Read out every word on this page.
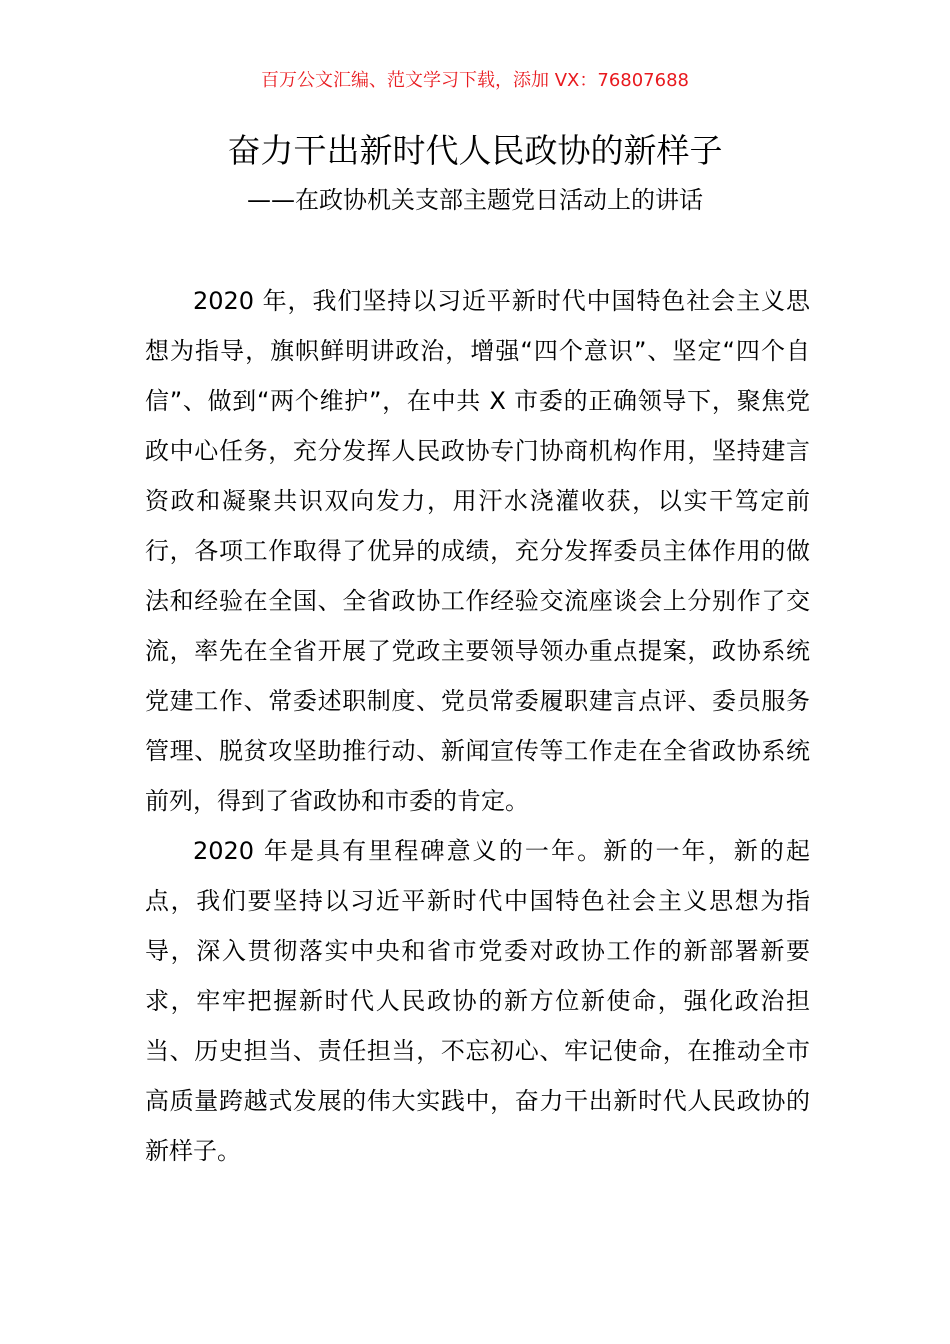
百万公文汇编、范文学习下载，添加 VX：76807688
奋力干出新时代人民政协的新样子
——在政协机关支部主题党日活动上的讲话

2020 年，我们坚持以习近平新时代中国特色社会主义思想为指导，旗帜鲜明讲政治，增强“四个意识”、坚定“四个自信”、做到“两个维护”，在中共 X 市委的正确领导下，聚焦党政中心任务，充分发挥人民政协专门协商机构作用，坚持建言资政和凝聚共识双向发力，用汗水浇灌收获，以实干笃定前行，各项工作取得了优异的成绩，充分发挥委员主体作用的做法和经验在全国、全省政协工作经验交流座谈会上分别作了交流，率先在全省开展了党政主要领导领办重点提案，政协系统党建工作、常委述职制度、党员常委履职建言点评、委员服务管理、脱贫攻坚助推行动、新闻宣传等工作走在全省政协系统前列，得到了省政协和市委的肯定。

2020 年是具有里程碑意义的一年。新的一年，新的起点，我们要坚持以习近平新时代中国特色社会主义思想为指导，深入贯彻落实中央和省市党委对政协工作的新部署新要求，牢牢把握新时代人民政协的新方位新使命，强化政治担当、历史担当、责任担当，不忘初心、牢记使命，在推动全市高质量跨越式发展的伟大实践中，奋力干出新时代人民政协的新样子。
